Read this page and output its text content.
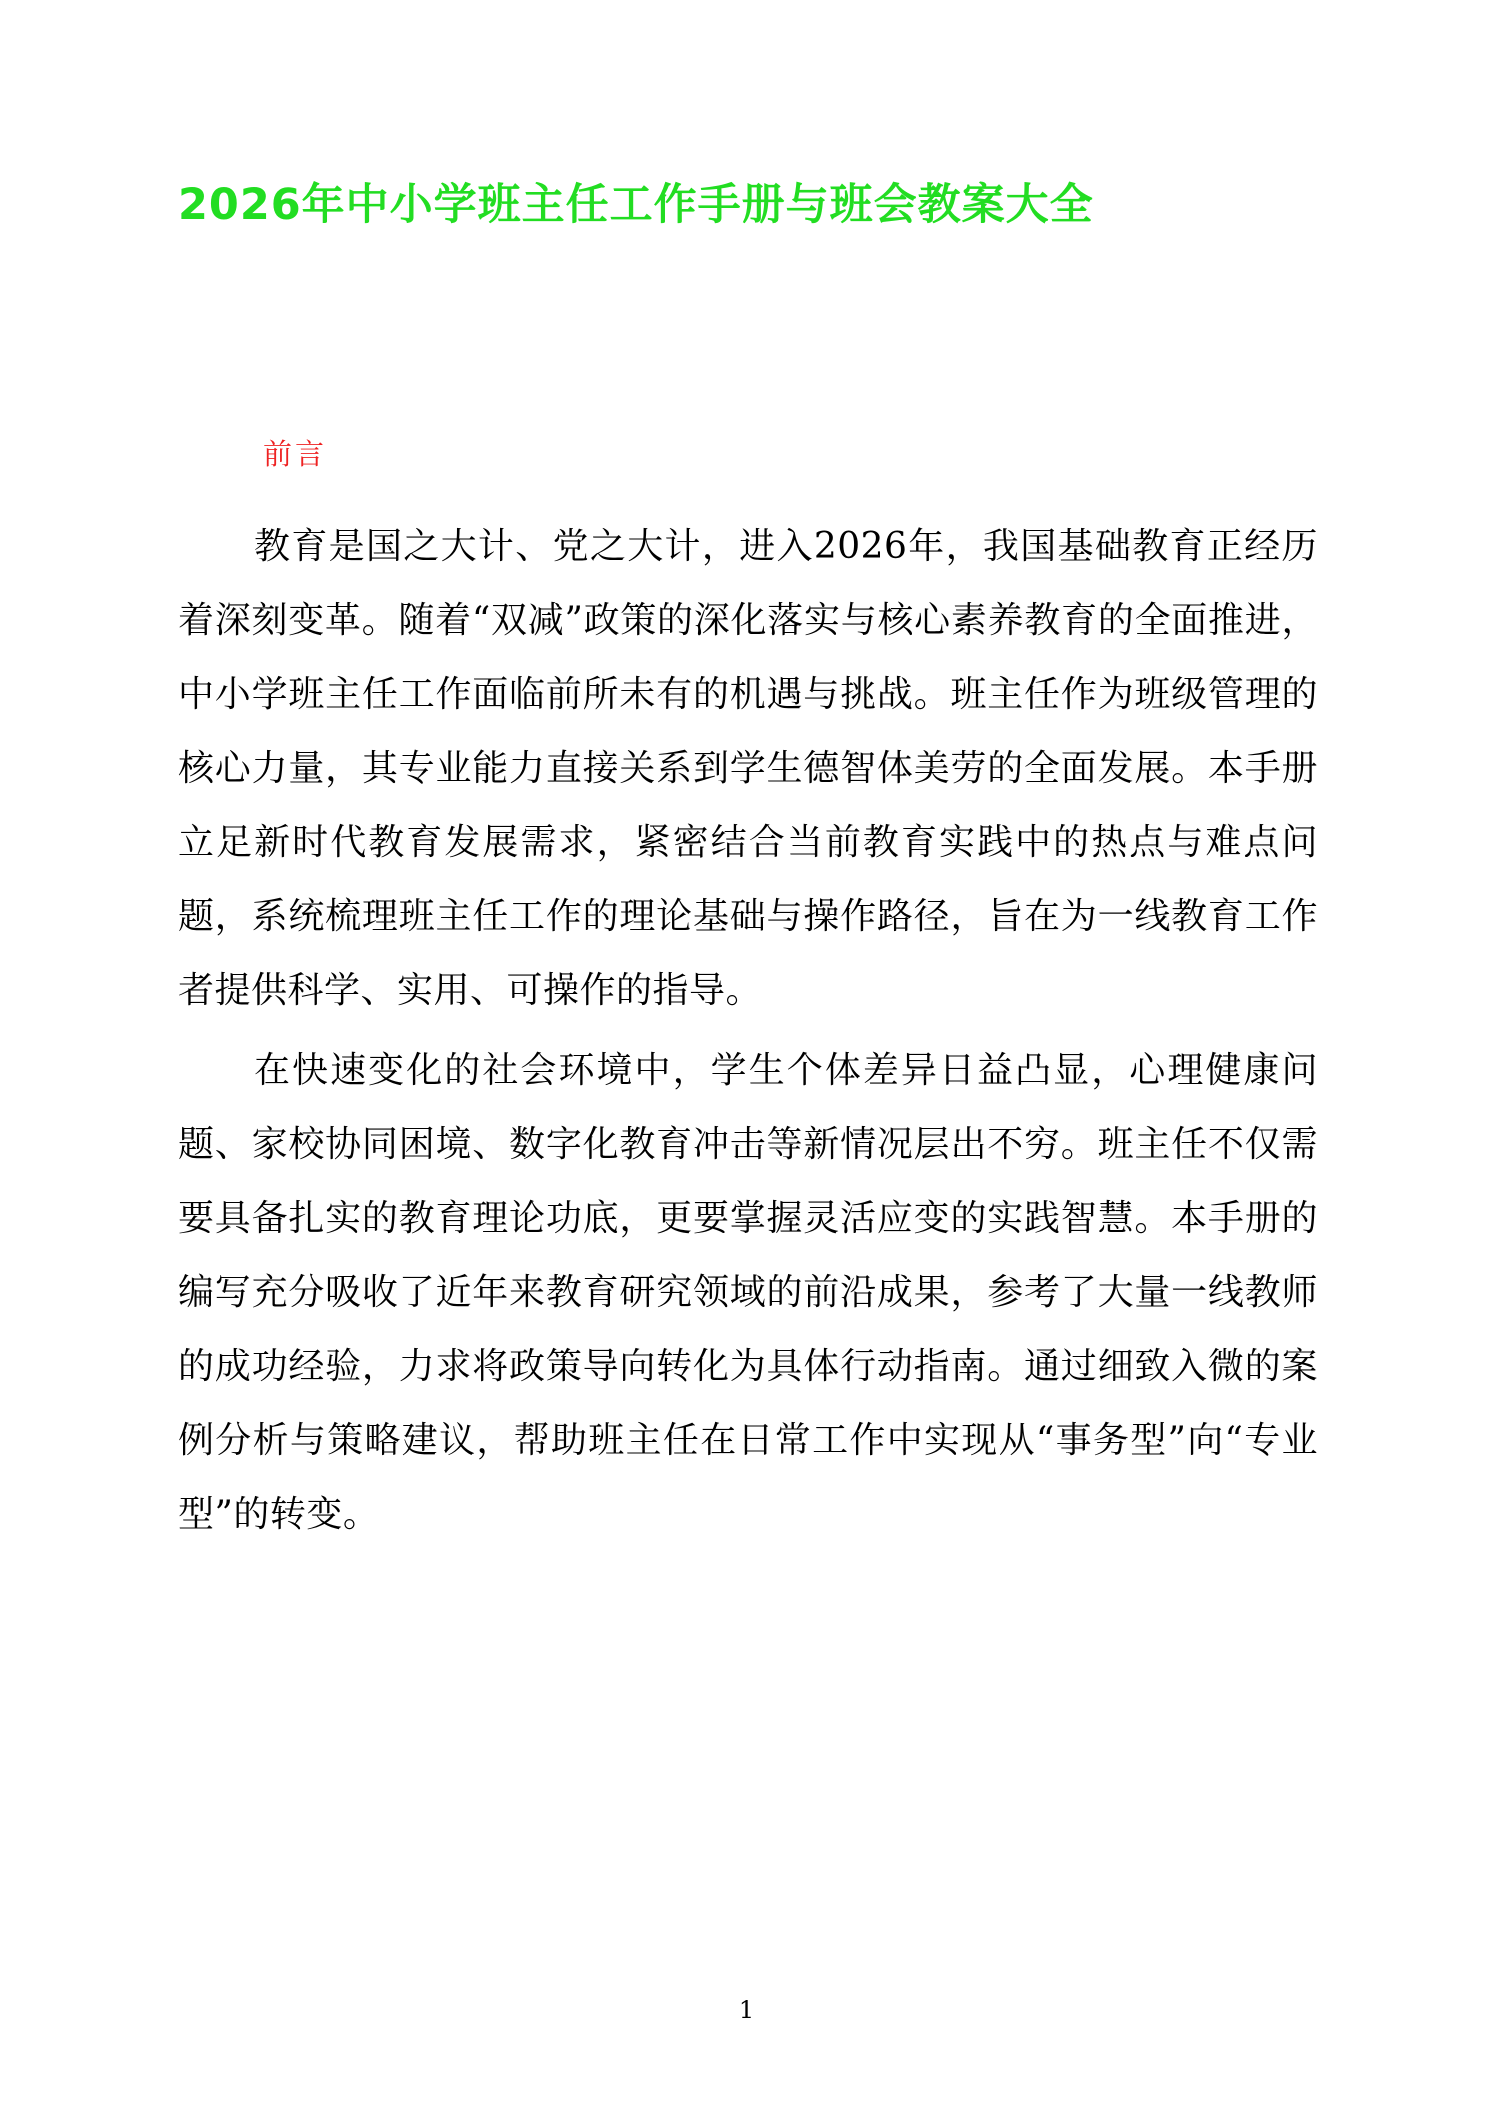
2026年中小学班主任工作手册与班会教案大全
前言

教育是国之大计、党之大计，进入2026年，我国基础教育正经历着深刻变革。随着“双减”政策的深化落实与核心素养教育的全面推进，中小学班主任工作面临前所未有的机遇与挑战。班主任作为班级管理的核心力量，其专业能力直接关系到学生德智体美劳的全面发展。本手册立足新时代教育发展需求，紧密结合当前教育实践中的热点与难点问题，系统梳理班主任工作的理论基础与操作路径，旨在为一线教育工作者提供科学、实用、可操作的指导。

在快速变化的社会环境中，学生个体差异日益凸显，心理健康问题、家校协同困境、数字化教育冲击等新情况层出不穷。班主任不仅需要具备扎实的教育理论功底，更要掌握灵活应变的实践智慧。本手册的编写充分吸收了近年来教育研究领域的前沿成果，参考了大量一线教师的成功经验，力求将政策导向转化为具体行动指南。通过细致入微的案例分析与策略建议，帮助班主任在日常工作中实现从“事务型”向“专业型”的转变。

1
